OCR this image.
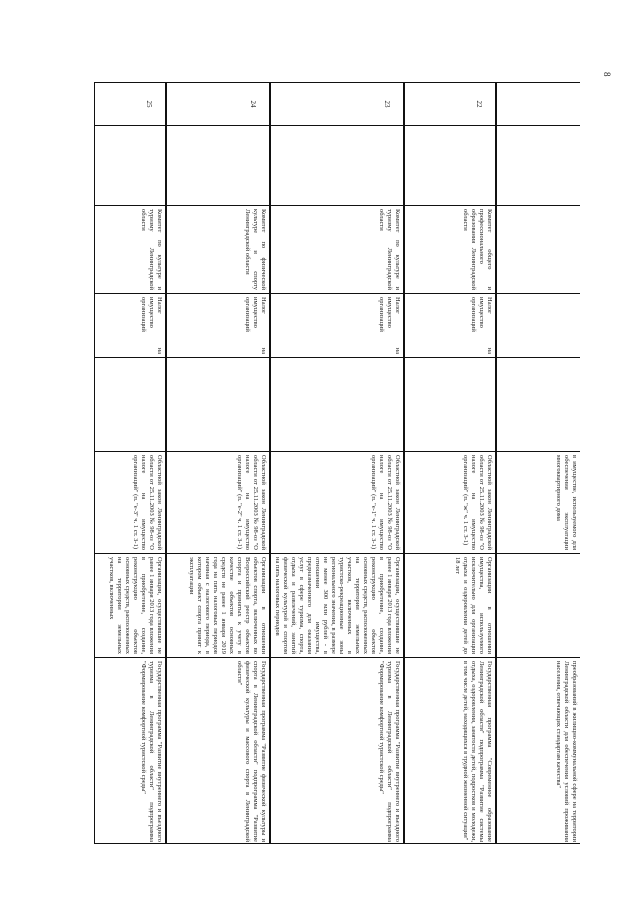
8
в имуществе, используемого для обеспечения эксплуатации многоквартирного дома
преобразований в жилищно-коммунальной сфере на территории Ленинградской области для обеспечения условий проживания населения, отвечающих стандартам качества"
22
Комитет общего и профессионального образования Ленинградской области
Налог на имущество организаций
Областной закон Ленинградской области от 25.11.2003 № 98-оз "О налоге на имущество организаций" (п. "ж" ч. 1 ст. 3-1)
Организации в отношении имущества, используемого исключительно для организации отдыха и оздоровления детей до 18 лет
Государственная программа "Современное образование Ленинградской области" подпрограмма "Развитие системы отдыха, оздоровления, занятости детей, подростков и молодежи, в том числе детей, находящихся в трудной жизненной ситуации"
23
Комитет по культуре и туризму Ленинградской области
Налог на имущество организаций
Областной закон Ленинградской области от 25.11.2003 № 98-оз "О налоге на имущество организаций" (п. "е-1" ч. 1 ст. 3-1)
Организации, осуществившие не ранее 1 января 2013 года вложения в приобретение, создание, реконструкцию объектов основных средств, расположенных на территории земельных участков, включенных в туристско-рекреационные зоны регионального значения, в размере не менее 300 млн рублей - в отношении имущества, предназначенного для оказания услуг в сфере туризма, спорта, отдыха и развлечений, занятий физической культурой и спортом на пять налоговых периодов
Государственная программа "Развитие внутреннего и въездного туризма в Ленинградской области" подпрограмма "Формирование комфортной туристской среды"
24
Комитет по физической культуре и спорту Ленинградской области
Налог на имущество организаций
Областной закон Ленинградской области от 25.11.2003 № 98-оз "О налоге на имущество организаций" (п. "е-2" ч. 1 ст. 3-1)
Организации в отношении объектов спорта, включенных во Всероссийский реестр объектов спорта и принятых к учету в качестве объектов основных средств не ранее 1 января 2019 года на пять налоговых периодов начиная с налогового периода, в котором объект спорта принят к эксплуатации
Государственная программа "Развитие физической культуры и спорта в Ленинградской области" подпрограмма "Развитие физической культуры и массового спорта в Ленинградской области"
25
Комитет по культуре и туризму Ленинградской области
Налог на имущество организаций
Областной закон Ленинградской области от 25.11.2003 № 98-оз "О налоге на имущество организаций" (п. "е-3" ч. 1 ст. 3-1)
Организации, осуществившие не ранее 1 января 2013 года вложения в приобретение, создание, реконструкцию объектов основных средств, расположенных на территории земельных участков, включенных
Государственная программа "Развитие внутреннего и въездного туризма в Ленинградской области" подпрограмма "Формирование комфортной туристской среды"
